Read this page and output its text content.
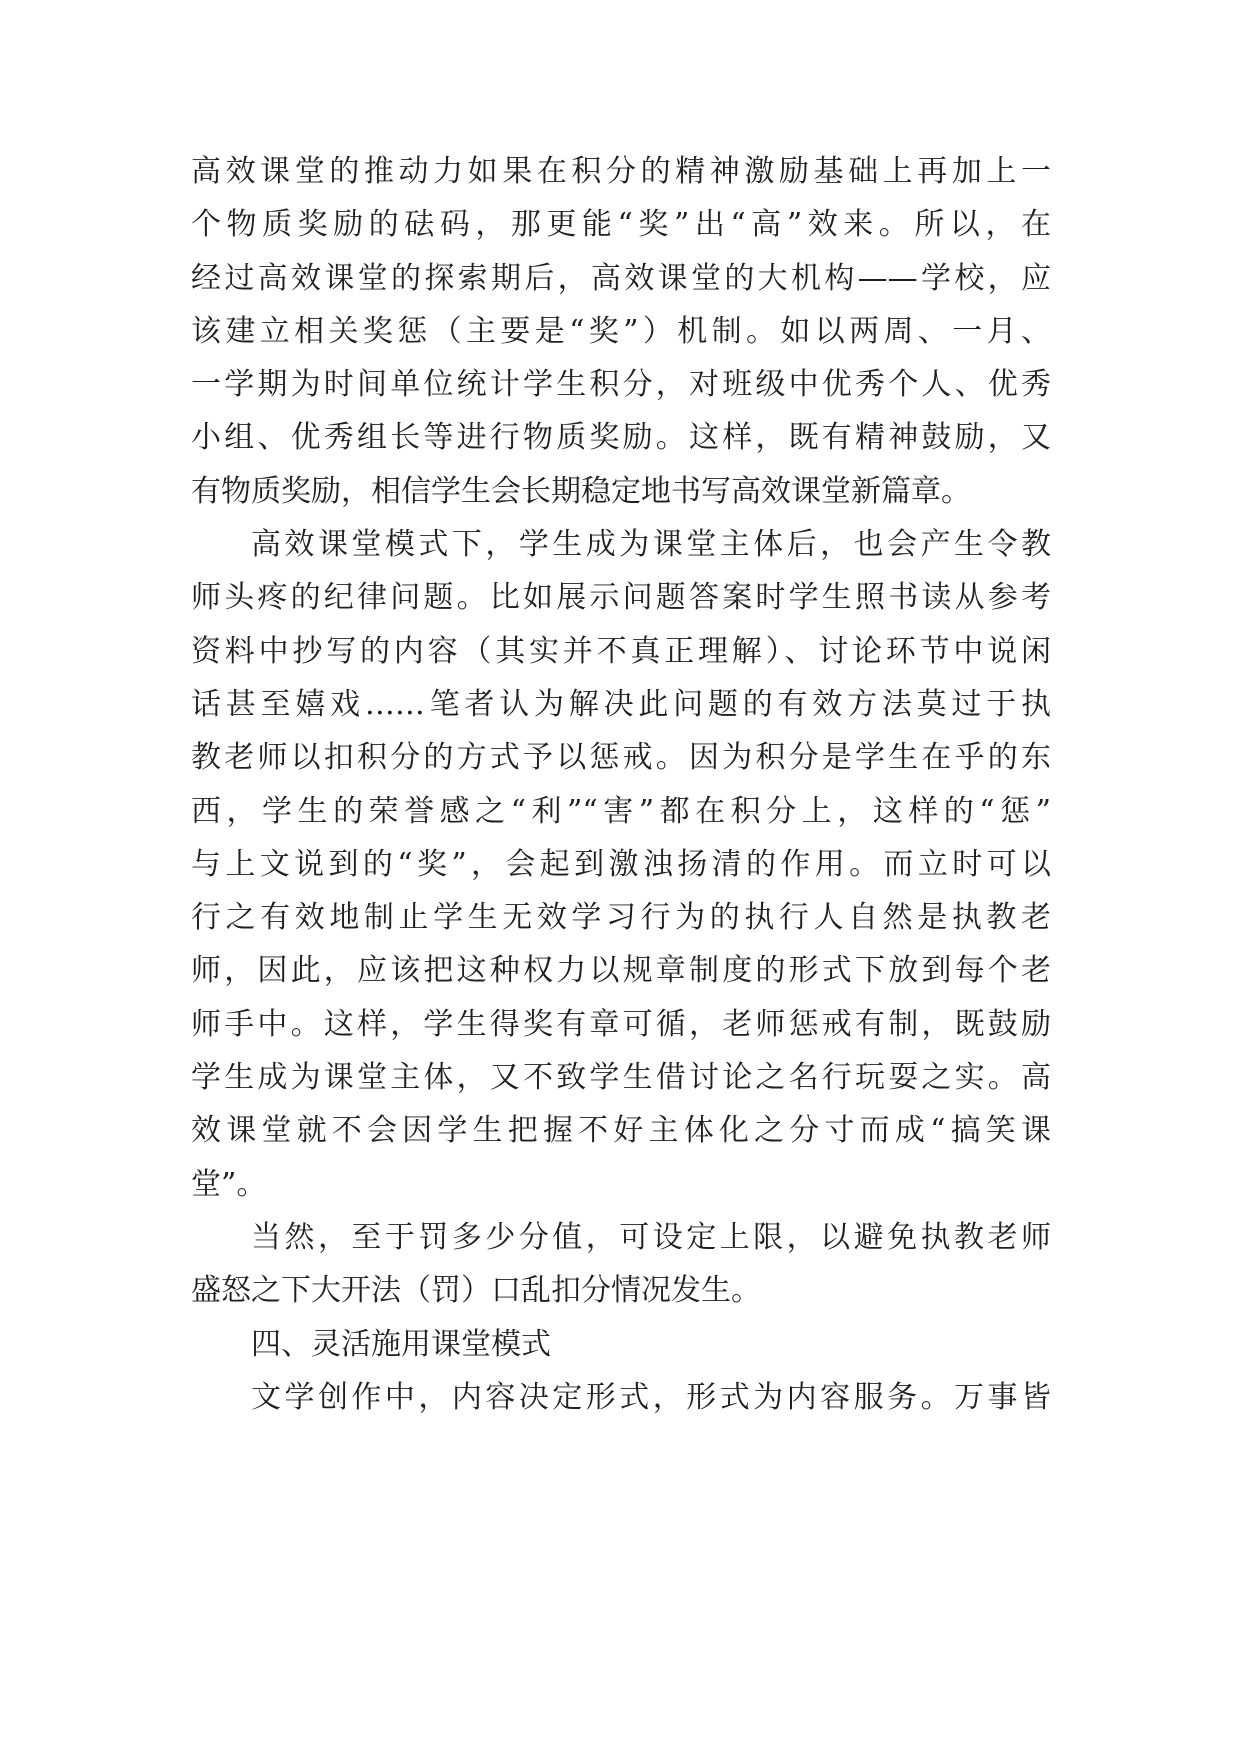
高效课堂的推动力如果在积分的精神激励基础上再加上一
个物质奖励的砝码，那更能“奖”出“高”效来。所以，在
经过高效课堂的探索期后，高效课堂的大机构——学校，应
该建立相关奖惩（主要是“奖”）机制。如以两周、一月、
一学期为时间单位统计学生积分，对班级中优秀个人、优秀
小组、优秀组长等进行物质奖励。这样，既有精神鼓励，又
有物质奖励，相信学生会长期稳定地书写高效课堂新篇章。
高效课堂模式下，学生成为课堂主体后，也会产生令教
师头疼的纪律问题。比如展示问题答案时学生照书读从参考
资料中抄写的内容（其实并不真正理解）、讨论环节中说闲
话甚至嬉戏……笔者认为解决此问题的有效方法莫过于执
教老师以扣积分的方式予以惩戒。因为积分是学生在乎的东
西，学生的荣誉感之“利”“害”都在积分上，这样的“惩”
与上文说到的“奖”，会起到激浊扬清的作用。而立时可以
行之有效地制止学生无效学习行为的执行人自然是执教老
师，因此，应该把这种权力以规章制度的形式下放到每个老
师手中。这样，学生得奖有章可循，老师惩戒有制，既鼓励
学生成为课堂主体，又不致学生借讨论之名行玩耍之实。高
效课堂就不会因学生把握不好主体化之分寸而成“搞笑课
堂”。
当然，至于罚多少分值，可设定上限，以避免执教老师
盛怒之下大开法（罚）口乱扣分情况发生。
四、灵活施用课堂模式
文学创作中，内容决定形式，形式为内容服务。万事皆
